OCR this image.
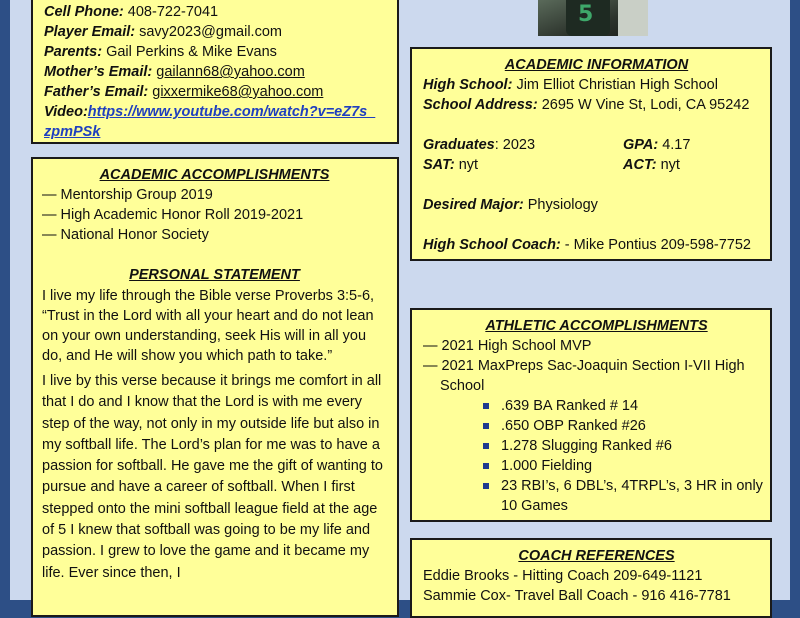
Cell Phone: 408-722-7041
Player Email: savy2023@gmail.com
Parents: Gail Perkins & Mike Evans
Mother’s Email: gailann68@yahoo.com
Father’s Email: gixxermike68@yahoo.com
Video:https://www.youtube.com/watch?v=eZ7s_
zpmPSk
5
ACADEMIC ACCOMPLISHMENTS
— Mentorship Group 2019
— High Academic Honor Roll 2019-2021
— National Honor Society
PERSONAL STATEMENT
I live my life through the Bible verse Proverbs 3:5-6, “Trust in the Lord with all your heart and do not lean on your own understanding, seek His will in all you do, and He will show you which path to take.”
I live by this verse because it brings me comfort in all that I do and I know that the Lord is with me every step of the way, not only in my outside life but also in my softball life. The Lord’s plan for me was to have a passion for softball. He gave me the gift of wanting to pursue and have a career of softball. When I first stepped onto the mini softball league field at the age of 5 I knew that softball was going to be my life and passion. I grew to love the game and it became my life. Ever since then, I
ACADEMIC INFORMATION
High School: Jim Elliot Christian High School
School Address: 2695 W Vine St, Lodi, CA 95242
Graduates: 2023	GPA: 4.17
SAT: nyt	ACT: nyt
Desired Major: Physiology
High School Coach: - Mike Pontius 209-598-7752
ATHLETIC ACCOMPLISHMENTS
— 2021 High School MVP
— 2021 MaxPreps Sac-Joaquin Section I-VII High
School
.639 BA Ranked # 14
.650 OBP Ranked #26
1.278 Slugging Ranked #6
1.000 Fielding
23 RBI’s, 6 DBL’s, 4TRPL’s, 3 HR in only
10 Games
COACH REFERENCES
Eddie Brooks - Hitting Coach 209-649-1121
Sammie Cox- Travel Ball Coach - 916 416-7781
